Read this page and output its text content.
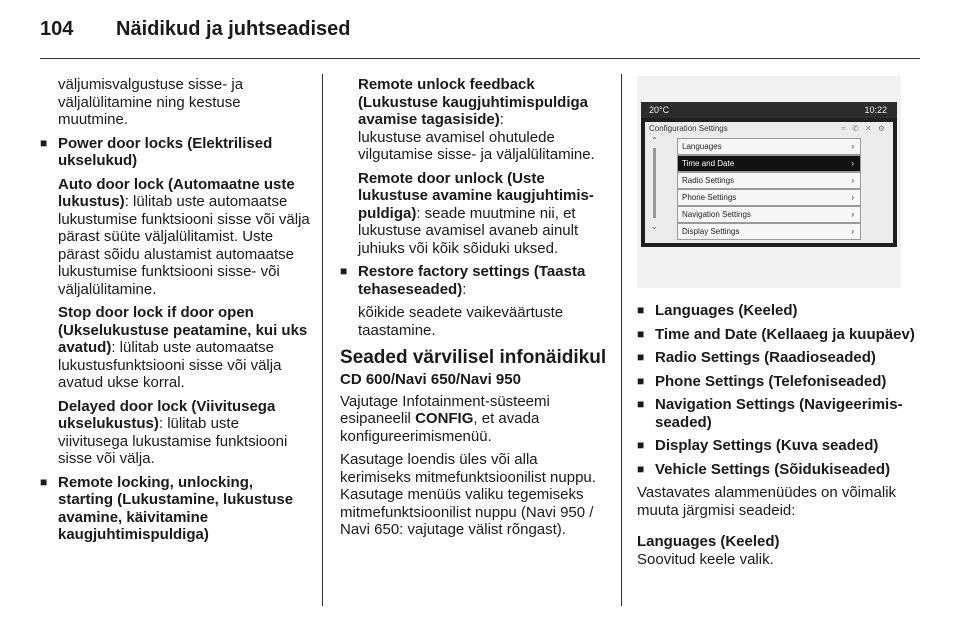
104 Näidikud ja juhtseadised

väljumisvalgustuse sisse- ja väljalülitamine ning kestuse muutmine.

■ Power door locks (Elektrilised ukselukud)

Auto door lock (Automaatne uste lukustus): lülitab uste automaatse lukustumise funktsiooni sisse või välja pärast süüte väljalülitamist. Uste pärast sõidu alustamist automaatse lukustumise funktsiooni sisse- või väljalülitamine.

Stop door lock if door open (Ukselukustuse peatamine, kui uks avatud): lülitab uste automaatse lukustusfunktsiooni sisse või välja avatud ukse korral.

Delayed door lock (Viivitusega ukselukustus): lülitab uste viivitusega lukustamise funktsiooni sisse või välja.

■ Remote locking, unlocking, starting (Lukustamine, lukustuse avamine, käivitamine kaugjuhtimispuldiga)

Remote unlock feedback (Lukustuse kaugjuhtimispuldiga avamise tagasiside):
lukustuse avamisel ohutulede vilgutamise sisse- ja väljalülitamine.

Remote door unlock (Uste lukustuse avamine kaugjuhtimis- puldiga): seade muutmine nii, et lukustuse avamisel avaneb ainult juhiuks või kõik sõiduki uksed.

■ Restore factory settings (Taasta tehaseseaded):

kõikide seadete vaikeväärtuste taastamine.

Seaded värvilisel infonäidikul

CD 600/Navi 650/Navi 950

Vajutage Infotainment-süsteemi esipaneelil CONFIG, et avada konfigureerimismenüü.

Kasutage loendis üles või alla kerimiseks mitmefunktsioonilist nuppu. Kasutage menüüs valiku tegemiseks mitmefunktsioonilist nuppu (Navi 950 / Navi 650: vajutage välist rõngast).

20°C	10:22
Configuration Settings	≈ ✆ ✕ ⚙
⌃
⌄
Languages	›
Time and Date	›
Radio Settings	›
Phone Settings	›
Navigation Settings	›
Display Settings	›
■ Languages (Keeled)
■ Time and Date (Kellaaeg ja kuupäev)
■ Radio Settings (Raadioseaded)
■ Phone Settings (Telefoniseaded)
■ Navigation Settings (Navigeerimis- seaded)
■ Display Settings (Kuva seaded)
■ Vehicle Settings (Sõidukiseaded)

Vastavates alammenüüdes on võimalik muuta järgmisi seadeid:

Languages (Keeled)

Soovitud keele valik.
